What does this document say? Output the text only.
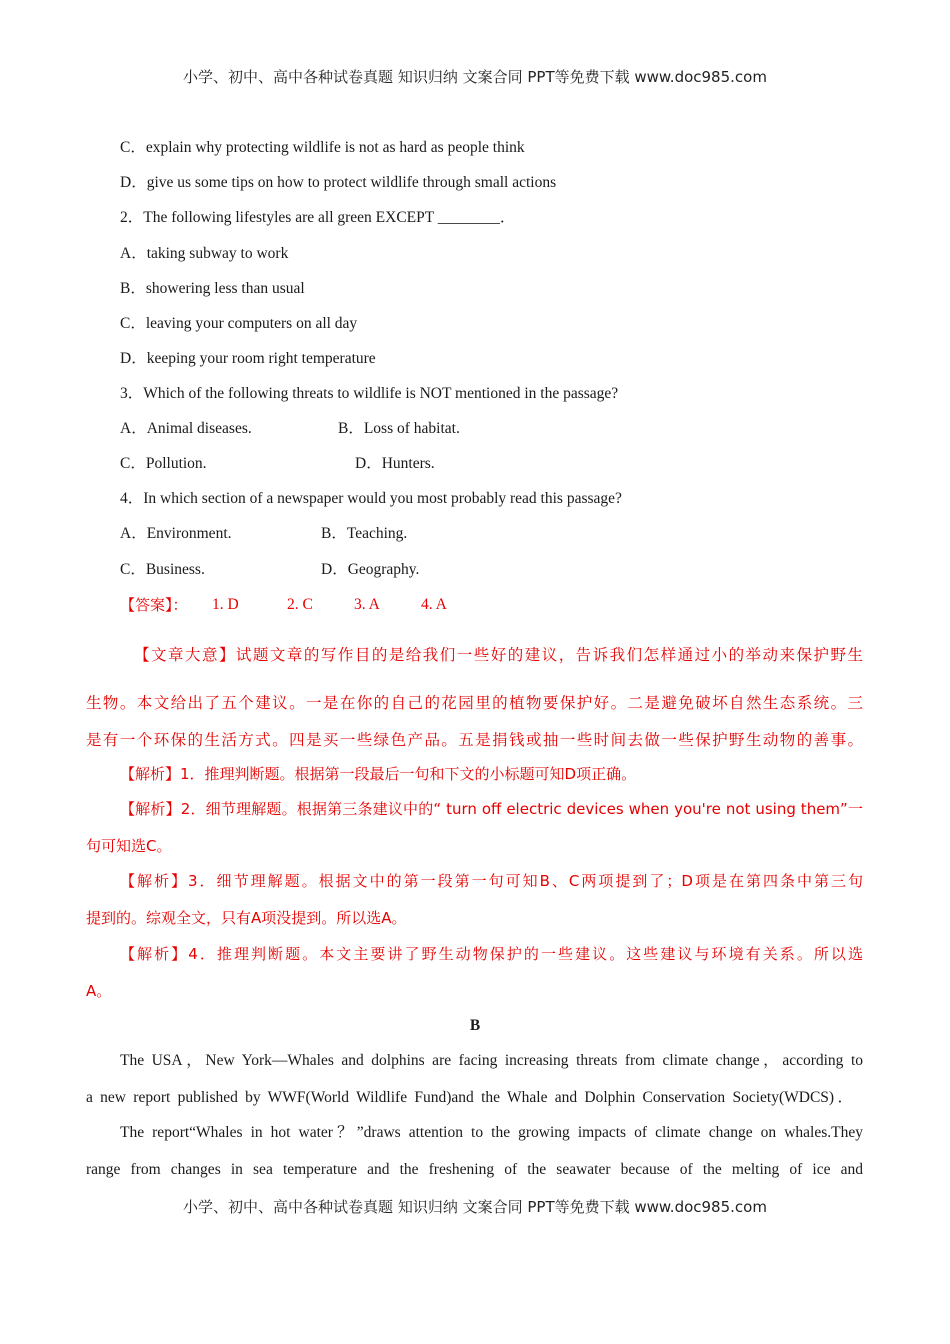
小学、初中、高中各种试卷真题 知识归纳 文案合同 PPT等免费下载 www.doc985.com
C．explain why protecting wildlife is not as hard as people think
D．give us some tips on how to protect wildlife through small actions
2．The following lifestyles are all green EXCEPT ________．
A．taking subway to work
B．showering less than usual
C．leaving your computers on all day
D．keeping your room right temperature
3．Which of the following threats to wildlife is NOT mentioned in the passage?
A．Animal diseases.	B．Loss of habitat.
C．Pollution.	D．Hunters.
4．In which section of a newspaper would you most probably read this passage?
A．Environment.	B．Teaching.
C．Business.	D．Geography.
【答案】： 1. D	2. C	3. A	4. A
【文章大意】试题文章的写作目的是给我们一些好的建议，告诉我们怎样通过小的举动来保护野生
生物。本文给出了五个建议。一是在你的自己的花园里的植物要保护好。二是避免破坏自然生态系统。三
是有一个环保的生活方式。四是买一些绿色产品。五是捐钱或抽一些时间去做一些保护野生动物的善事。
【解析】1．推理判断题。根据第一段最后一句和下文的小标题可知D项正确。
【解析】2．细节理解题。根据第三条建议中的“ turn off electric devices when you're not using them”一
句可知选C。
【解析】3．细节理解题。根据文中的第一段第一句可知B、C两项提到了；D项是在第四条中第三句
提到的。综观全文，只有A项没提到。所以选A。
【解析】4．推理判断题。本文主要讲了野生动物保护的一些建议。这些建议与环境有关系。所以选
A。
B
The USA，New York—Whales and dolphins are facing increasing threats from climate change，according to
a new report published by WWF(World Wildlife Fund)and the Whale and Dolphin Conservation Society(WDCS)．
The report“Whales in hot water？”draws attention to the growing impacts of climate change on whales.They
range from changes in sea temperature and the freshening of the seawater because of the melting of ice and
小学、初中、高中各种试卷真题 知识归纳 文案合同 PPT等免费下载 www.doc985.com
